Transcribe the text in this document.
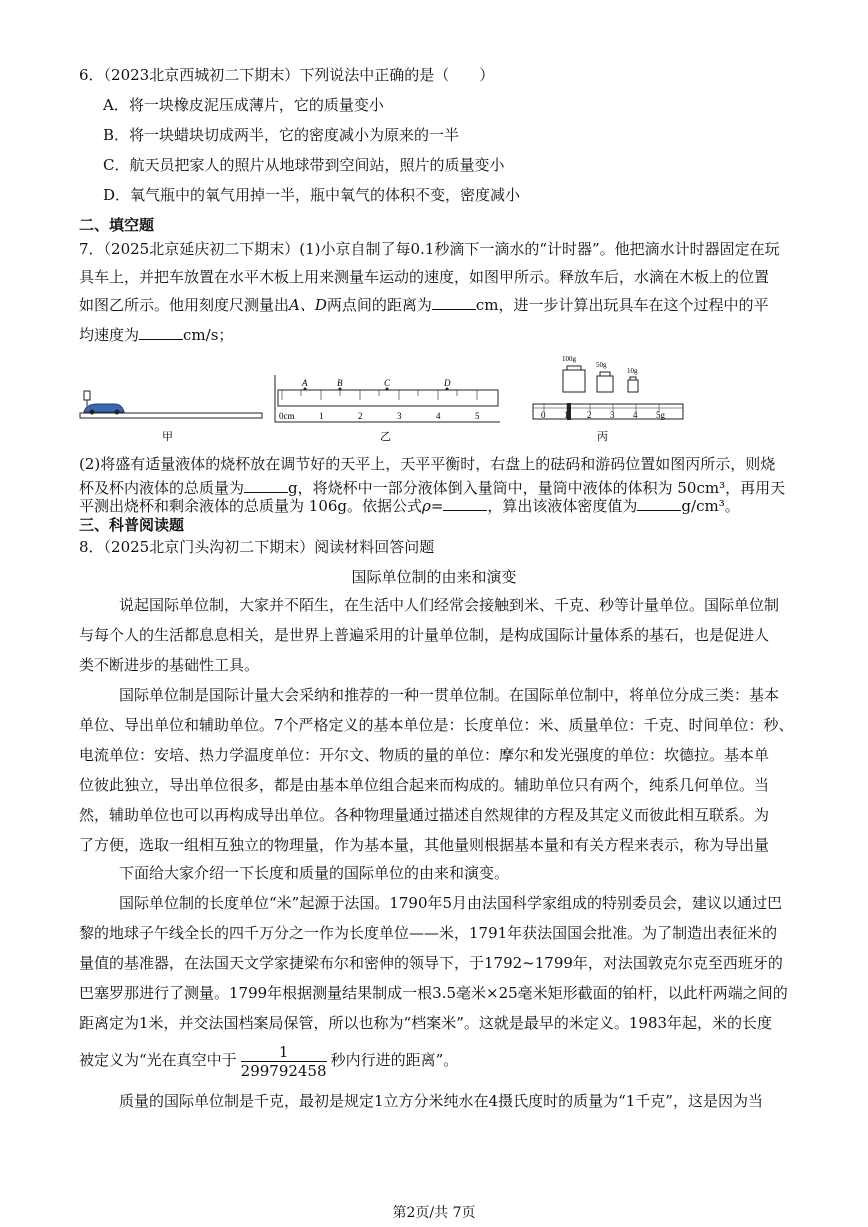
6．（2023北京西城初二下期末）下列说法中正确的是（　　）
A．将一块橡皮泥压成薄片，它的质量变小
B．将一块蜡块切成两半，它的密度减小为原来的一半
C．航天员把家人的照片从地球带到空间站，照片的质量变小
D．氧气瓶中的氧气用掉一半，瓶中氧气的体积不变，密度减小
二、填空题
7．（2025北京延庆初二下期末）(1)小京自制了每0.1秒滴下一滴水的“计时器”。他把滴水计时器固定在玩
具车上，并把车放置在水平木板上用来测量车运动的速度，如图甲所示。释放车后，水滴在木板上的位置
如图乙所示。他用刻度尺测量出A、D两点间的距离为	cm，进一步计算出玩具车在这个过程中的平
均速度为	cm/s；
甲
A	B	C	D
0cm	1	2	3	4	5
乙
100g
50g
10g
0 1 2 3 4 5g
丙
(2)将盛有适量液体的烧杯放在调节好的天平上，天平平衡时，右盘上的砝码和游码位置如图丙所示，则烧
杯及杯内液体的总质量为	g，将烧杯中一部分液体倒入量筒中，量筒中液体的体积为 50cm³，再用天
平测出烧杯和剩余液体的总质量为 106g。依据公式ρ=	，算出该液体密度值为	g/cm³。
三、科普阅读题
8．（2025北京门头沟初二下期末）阅读材料回答问题
国际单位制的由来和演变
说起国际单位制，大家并不陌生，在生活中人们经常会接触到米、千克、秒等计量单位。国际单位制
与每个人的生活都息息相关，是世界上普遍采用的计量单位制，是构成国际计量体系的基石，也是促进人
类不断进步的基础性工具。
国际单位制是国际计量大会采纳和推荐的一种一贯单位制。在国际单位制中，将单位分成三类：基本
单位、导出单位和辅助单位。7个严格定义的基本单位是：长度单位：米、质量单位：千克、时间单位：秒、
电流单位：安培、热力学温度单位：开尔文、物质的量的单位：摩尔和发光强度的单位：坎德拉。基本单
位彼此独立，导出单位很多，都是由基本单位组合起来而构成的。辅助单位只有两个，纯系几何单位。当
然，辅助单位也可以再构成导出单位。各种物理量通过描述自然规律的方程及其定义而彼此相互联系。为
了方便，选取一组相互独立的物理量，作为基本量，其他量则根据基本量和有关方程来表示，称为导出量
下面给大家介绍一下长度和质量的国际单位的由来和演变。
国际单位制的长度单位“米”起源于法国。1790年5月由法国科学家组成的特别委员会，建议以通过巴
黎的地球子午线全长的四千万分之一作为长度单位——米，1791年获法国国会批准。为了制造出表征米的
量值的基准器，在法国天文学家捷梁布尔和密伸的领导下，于1792~1799年，对法国敦克尔克至西班牙的
巴塞罗那进行了测量。1799年根据测量结果制成一根3.5毫米×25毫米矩形截面的铂杆，以此杆两端之间的
距离定为1米，并交法国档案局保管，所以也称为“档案米”。这就是最早的米定义。1983年起，米的长度
被定义为“光在真空中于 $\frac{1}{299792458}$ 秒内行进的距离”。
质量的国际单位制是千克，最初是规定1立方分米纯水在4摄氏度时的质量为“1千克”，这是因为当
第2页/共 7页
